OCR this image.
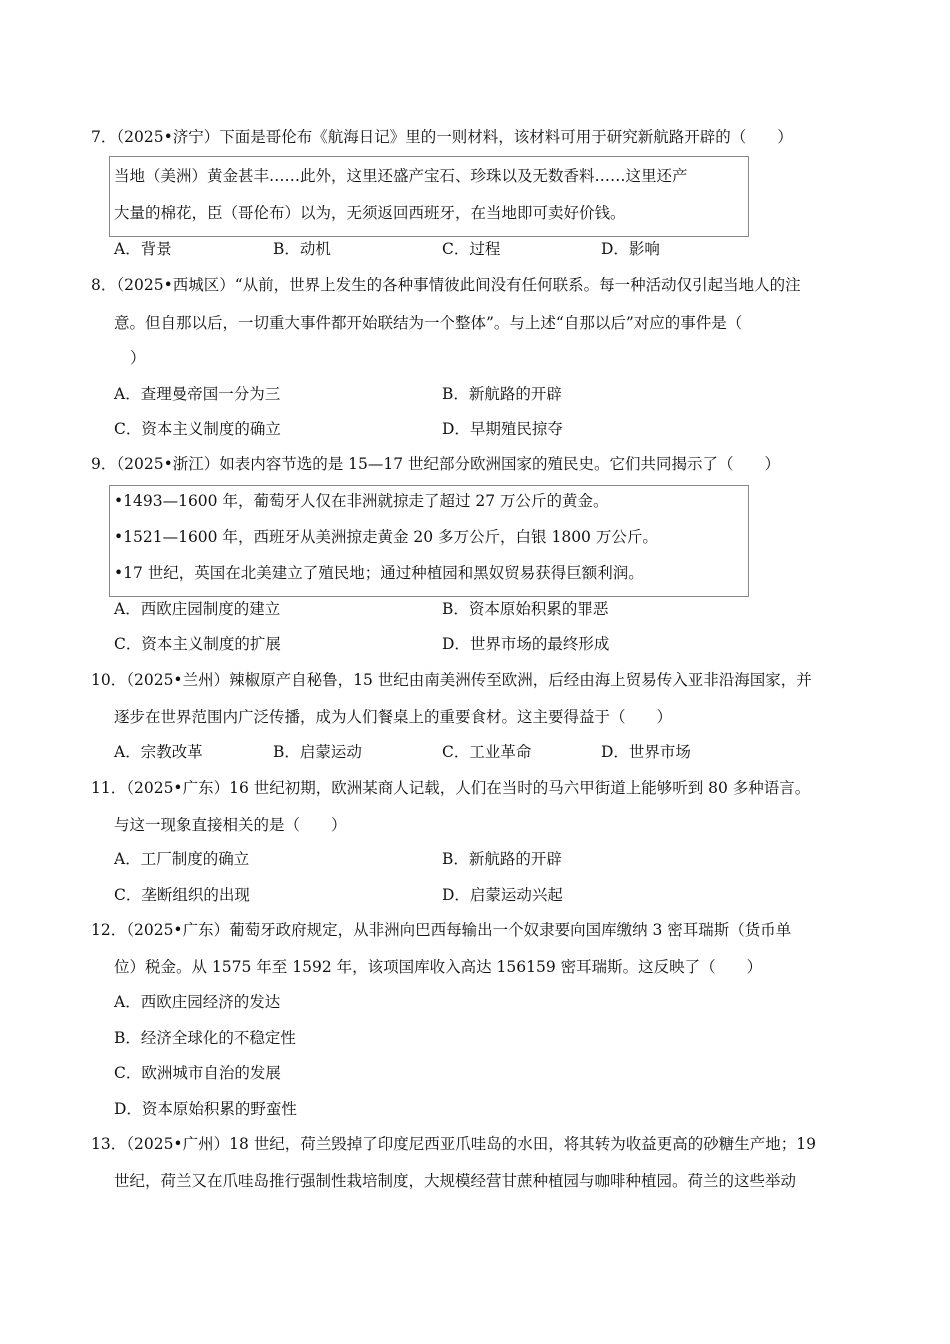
7．（2025•济宁）下面是哥伦布《航海日记》里的一则材料，该材料可用于研究新航路开辟的（　　）
当地（美洲）黄金甚丰……此外，这里还盛产宝石、珍珠以及无数香料……这里还产
大量的棉花，臣（哥伦布）以为，无须返回西班牙，在当地即可卖好价钱。
A．背景	B．动机	C．过程	D．影响
8．（2025•西城区）“从前，世界上发生的各种事情彼此间没有任何联系。每一种活动仅引起当地人的注
意。但自那以后，一切重大事件都开始联结为一个整体”。与上述“自那以后”对应的事件是（
）
A．查理曼帝国一分为三	B．新航路的开辟
C．资本主义制度的确立	D．早期殖民掠夺
9．（2025•浙江）如表内容节选的是 15—17 世纪部分欧洲国家的殖民史。它们共同揭示了（　　）
•1493—1600 年，葡萄牙人仅在非洲就掠走了超过 27 万公斤的黄金。
•1521—1600 年，西班牙从美洲掠走黄金 20 多万公斤，白银 1800 万公斤。
•17 世纪，英国在北美建立了殖民地；通过种植园和黑奴贸易获得巨额利润。
A．西欧庄园制度的建立	B．资本原始积累的罪恶
C．资本主义制度的扩展	D．世界市场的最终形成
10．（2025•兰州）辣椒原产自秘鲁，15 世纪由南美洲传至欧洲，后经由海上贸易传入亚非沿海国家，并
逐步在世界范围内广泛传播，成为人们餐桌上的重要食材。这主要得益于（　　）
A．宗教改革	B．启蒙运动	C．工业革命	D．世界市场
11．（2025•广东）16 世纪初期，欧洲某商人记载，人们在当时的马六甲街道上能够听到 80 多种语言。
与这一现象直接相关的是（　　）
A．工厂制度的确立	B．新航路的开辟
C．垄断组织的出现	D．启蒙运动兴起
12．（2025•广东）葡萄牙政府规定，从非洲向巴西每输出一个奴隶要向国库缴纳 3 密耳瑞斯（货币单
位）税金。从 1575 年至 1592 年，该项国库收入高达 156159 密耳瑞斯。这反映了（　　）
A．西欧庄园经济的发达
B．经济全球化的不稳定性
C．欧洲城市自治的发展
D．资本原始积累的野蛮性
13．（2025•广州）18 世纪，荷兰毁掉了印度尼西亚爪哇岛的水田，将其转为收益更高的砂糖生产地；19
世纪，荷兰又在爪哇岛推行强制性栽培制度，大规模经营甘蔗种植园与咖啡种植园。荷兰的这些举动
